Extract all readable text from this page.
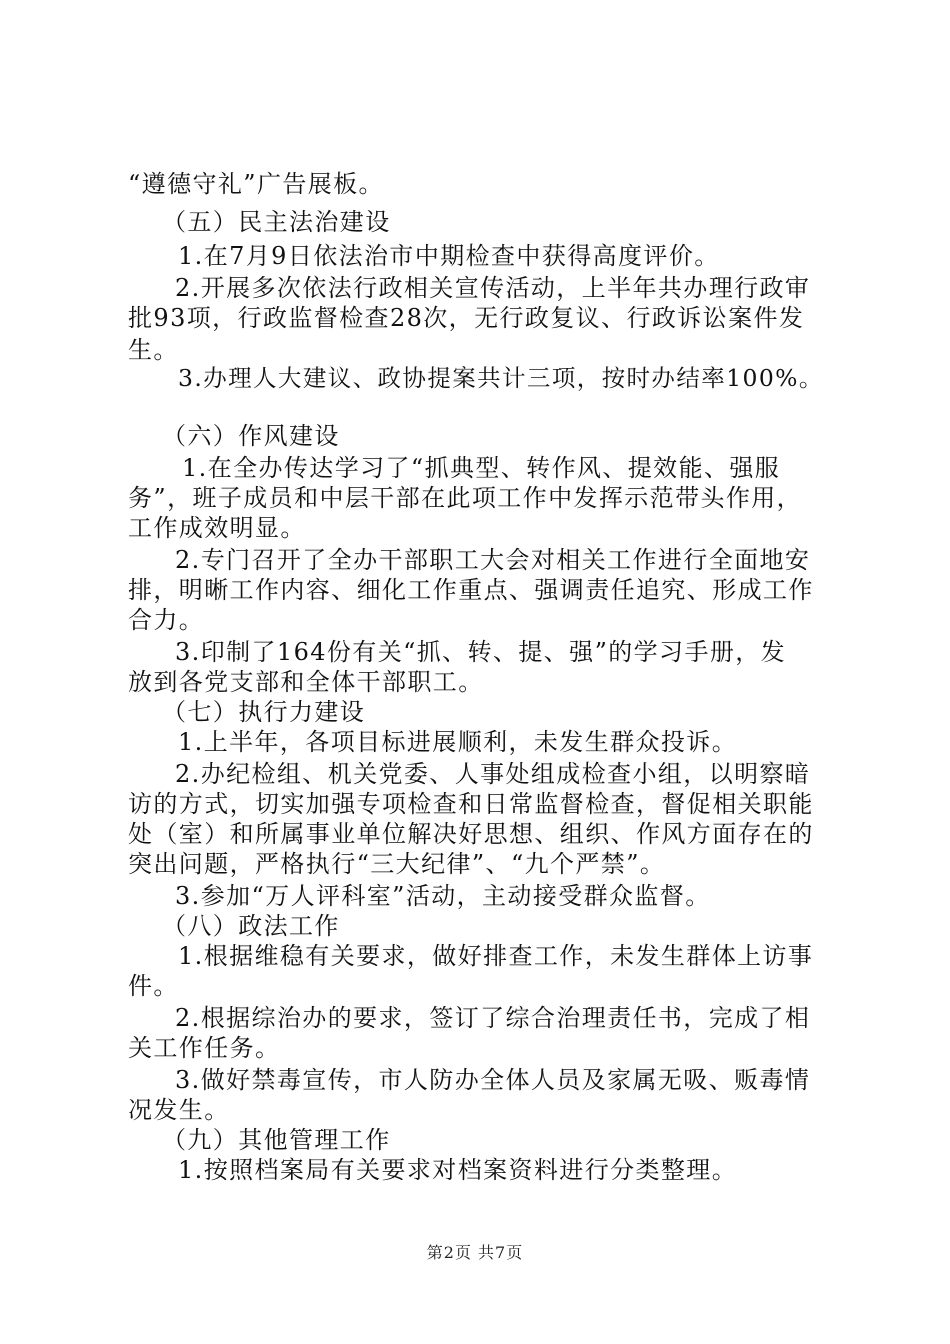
“遵德守礼”广告展板。
（五）民主法治建设
1.在7月9日依法治市中期检查中获得高度评价。
2.开展多次依法行政相关宣传活动，上半年共办理行政审
批93项，行政监督检查28次，无行政复议、行政诉讼案件发
生。
3.办理人大建议、政协提案共计三项，按时办结率100%。
（六）作风建设
1.在全办传达学习了“抓典型、转作风、提效能、强服
务”，班子成员和中层干部在此项工作中发挥示范带头作用，
工作成效明显。
2.专门召开了全办干部职工大会对相关工作进行全面地安
排，明晰工作内容、细化工作重点、强调责任追究、形成工作
合力。
3.印制了164份有关“抓、转、提、强”的学习手册，发
放到各党支部和全体干部职工。
（七）执行力建设
1.上半年，各项目标进展顺利，未发生群众投诉。
2.办纪检组、机关党委、人事处组成检查小组，以明察暗
访的方式，切实加强专项检查和日常监督检查，督促相关职能
处（室）和所属事业单位解决好思想、组织、作风方面存在的
突出问题，严格执行“三大纪律”、“九个严禁”。
3.参加“万人评科室”活动，主动接受群众监督。
（八）政法工作
1.根据维稳有关要求，做好排查工作，未发生群体上访事
件。
2.根据综治办的要求，签订了综合治理责任书，完成了相
关工作任务。
3.做好禁毒宣传，市人防办全体人员及家属无吸、贩毒情
况发生。
（九）其他管理工作
1.按照档案局有关要求对档案资料进行分类整理。
第2页 共7页
